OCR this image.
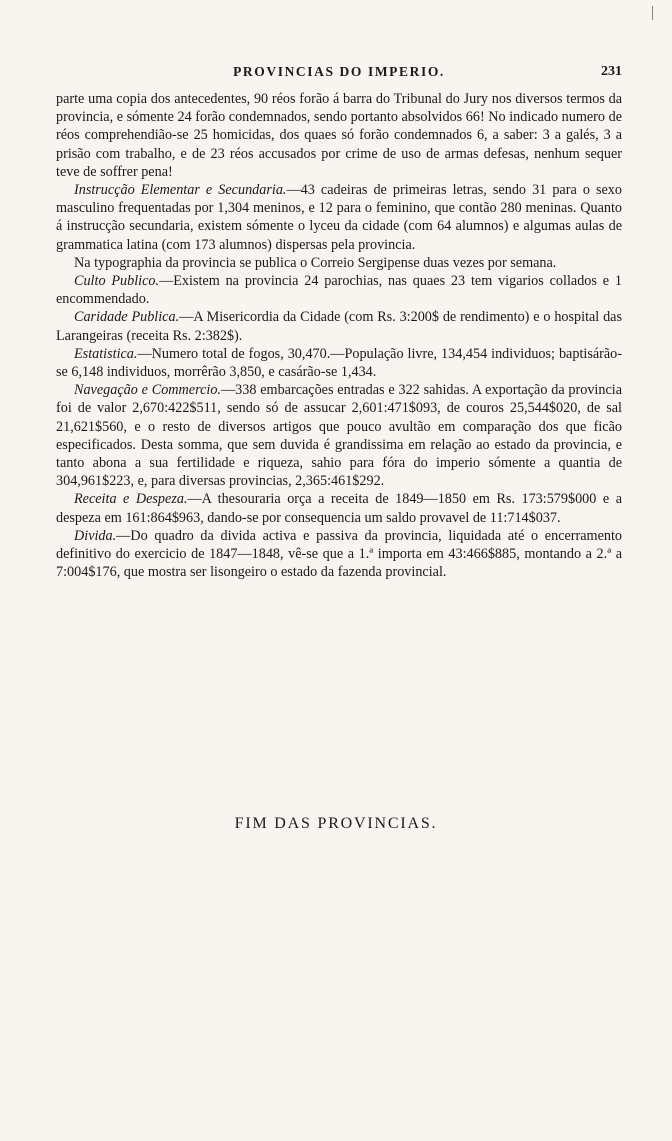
PROVINCIAS DO IMPERIO.	231

parte uma copia dos antecedentes, 90 réos forão á barra do Tribunal do Jury nos diversos termos da provincia, e sómente 24 forão condemnados, sendo portanto absolvidos 66! No indicado numero de réos comprehendião-se 25 homicidas, dos quaes só forão condemnados 6, a saber: 3 a galés, 3 a prisão com trabalho, e de 23 réos accusados por crime de uso de armas defesas, nenhum sequer teve de soffrer pena!

Instrucção Elementar e Secundaria.—43 cadeiras de primeiras letras, sendo 31 para o sexo masculino frequentadas por 1,304 meninos, e 12 para o feminino, que contão 280 meninas. Quanto á instrucção secundaria, existem sómente o lyceu da cidade (com 64 alumnos) e algumas aulas de grammatica latina (com 173 alumnos) dispersas pela provincia.

Na typographia da provincia se publica o Correio Sergipense duas vezes por semana.

Culto Publico.—Existem na provincia 24 parochias, nas quaes 23 tem vigarios collados e 1 encommendado.

Caridade Publica.—A Misericordia da Cidade (com Rs. 3:200$ de rendimento) e o hospital das Larangeiras (receita Rs. 2:382$).

Estatistica.—Numero total de fogos, 30,470.—População livre, 134,454 individuos; baptisárão-se 6,148 individuos, morrêrão 3,850, e casárão-se 1,434.

Navegação e Commercio.—338 embarcações entradas e 322 sahidas. A exportação da provincia foi de valor 2,670:422$511, sendo só de assucar 2,601:471$093, de couros 25,544$020, de sal 21,621$560, e o resto de diversos artigos que pouco avultão em comparação dos que ficão especificados. Desta somma, que sem duvida é grandissima em relação ao estado da provincia, e tanto abona a sua fertilidade e riqueza, sahio para fóra do imperio sómente a quantia de 304,961$223, e, para diversas provincias, 2,365:461$292.

Receita e Despeza.—A thesouraria orça a receita de 1849—1850 em Rs. 173:579$000 e a despeza em 161:864$963, dando-se por consequencia um saldo provavel de 11:714$037.

Divida.—Do quadro da divida activa e passiva da provincia, liquidada até o encerramento definitivo do exercicio de 1847—1848, vê-se que a 1.ª importa em 43:466$885, montando a 2.ª a 7:004$176, que mostra ser lisongeiro o estado da fazenda provincial.

FIM DAS PROVINCIAS.
